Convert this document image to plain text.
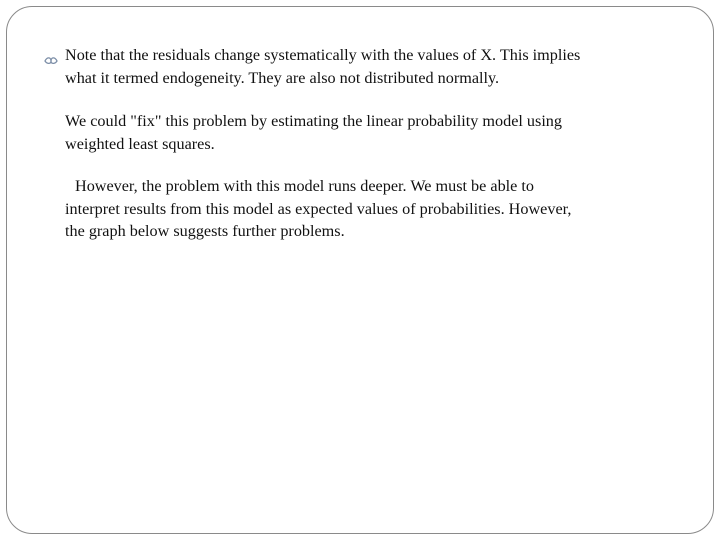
Note that the residuals change systematically with the values of X. This implies
what it termed endogeneity. They are also not distributed normally.
We could "fix" this problem by estimating the linear probability model using
weighted least squares.
However, the problem with this model runs deeper. We must be able to
interpret results from this model as expected values of probabilities. However,
the graph below suggests further problems.
